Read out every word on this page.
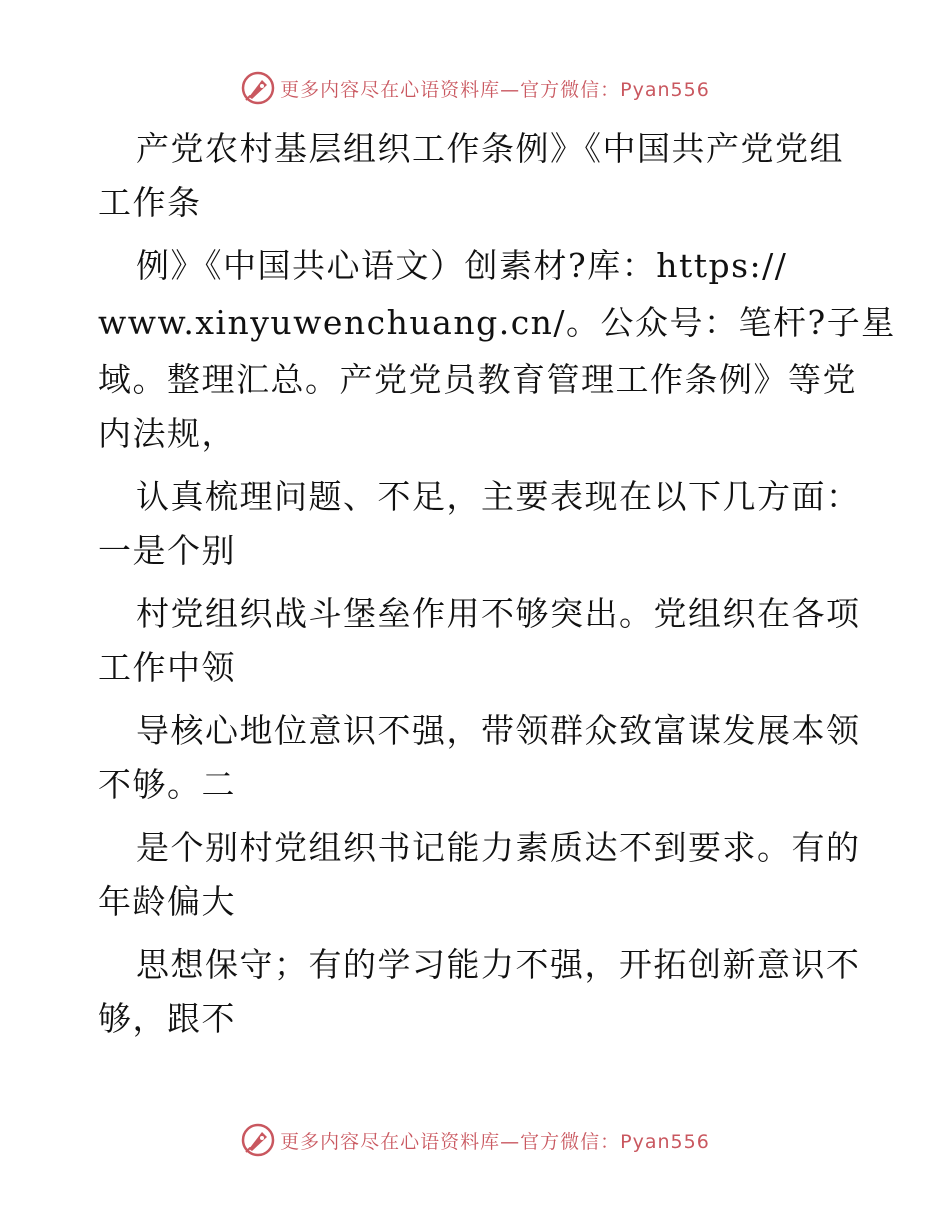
更多内容尽在心语资料库—官方微信：Pyan556
产党农村基层组织工作条例》《中国共产党党组
工作条
例》《中国共心语文）创素材?库：https://
www.xinyuwenchuang.cn/。公众号：笔杆?子星
域。整理汇总。产党党员教育管理工作条例》等党
内法规，
认真梳理问题、不足，主要表现在以下几方面：
一是个别
村党组织战斗堡垒作用不够突出。党组织在各项
工作中领
导核心地位意识不强，带领群众致富谋发展本领
不够。二
是个别村党组织书记能力素质达不到要求。有的
年龄偏大
思想保守；有的学习能力不强，开拓创新意识不
够，跟不
更多内容尽在心语资料库—官方微信：Pyan556
